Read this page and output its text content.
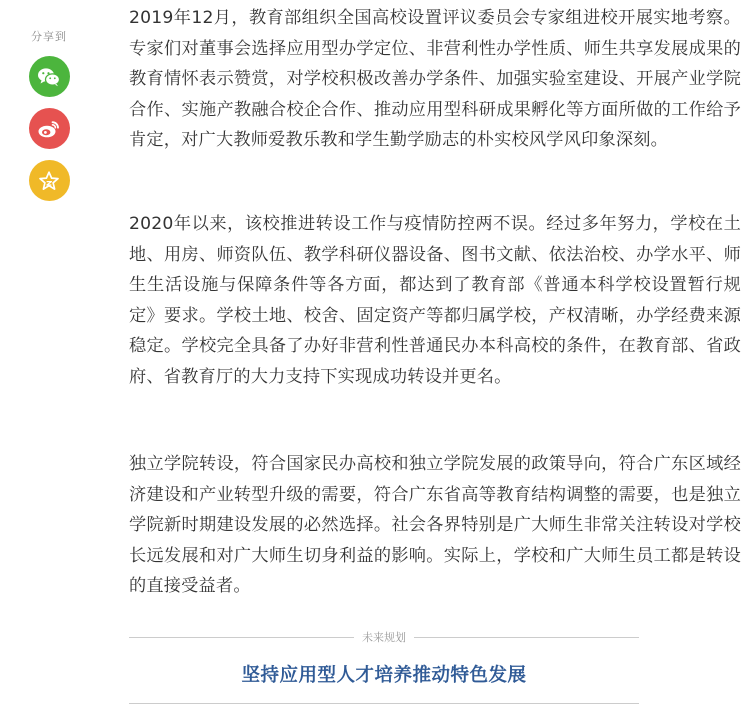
分享到

2019年12月，教育部组织全国高校设置评议委员会专家组进校开展实地考察。专家们对董事会选择应用型办学定位、非营利性办学性质、师生共享发展成果的教育情怀表示赞赏，对学校积极改善办学条件、加强实验室建设、开展产业学院合作、实施产教融合校企合作、推动应用型科研成果孵化等方面所做的工作给予肯定，对广大教师爱教乐教和学生勤学励志的朴实校风学风印象深刻。

2020年以来，该校推进转设工作与疫情防控两不误。经过多年努力，学校在土地、用房、师资队伍、教学科研仪器设备、图书文献、依法治校、办学水平、师生生活设施与保障条件等各方面，都达到了教育部《普通本科学校设置暂行规定》要求。学校土地、校舍、固定资产等都归属学校，产权清晰，办学经费来源稳定。学校完全具备了办好非营利性普通民办本科高校的条件，在教育部、省政府、省教育厅的大力支持下实现成功转设并更名。

独立学院转设，符合国家民办高校和独立学院发展的政策导向，符合广东区域经济建设和产业转型升级的需要，符合广东省高等教育结构调整的需要，也是独立学院新时期建设发展的必然选择。社会各界特别是广大师生非常关注转设对学校长远发展和对广大师生切身利益的影响。实际上，学校和广大师生员工都是转设的直接受益者。

未来规划
坚持应用型人才培养推动特色发展
